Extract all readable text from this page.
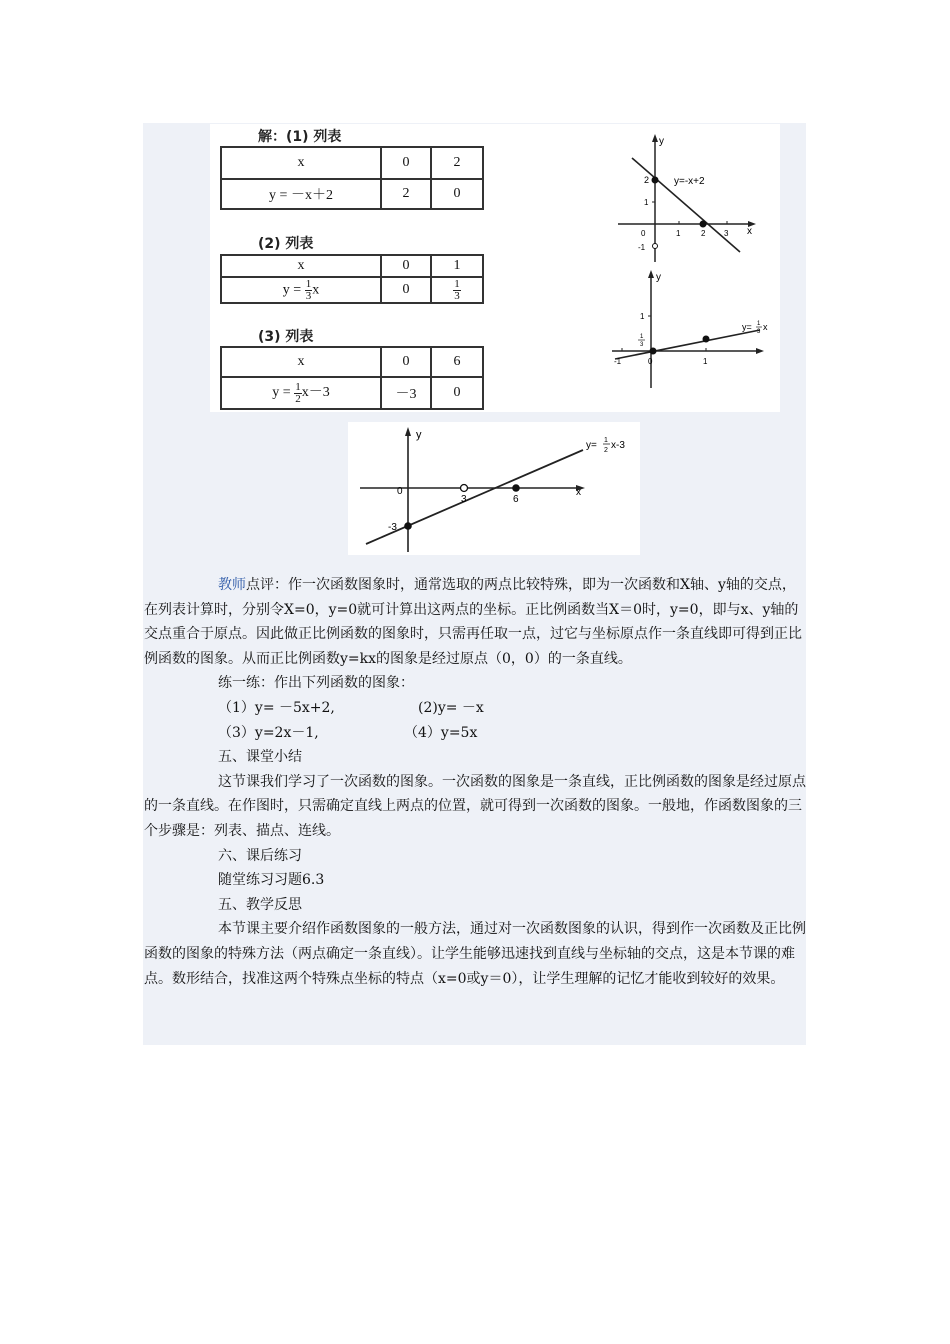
解：(1) 列表
x	0	2
y = －x＋2	2	0
(2) 列表
x	0	1
$y = \frac{1}{3}$ x	0	$\frac{1}{3}$
(3) 列表
x	0	6
$y = \frac{1}{2} x-3$	－3	0
y
x
y=-x+2
0	1	2 3
2
1
-1
y
y= 1
3 x
-1	0	1
1
1
3
y
x
y= 1
2 x-3
0
3	6
-3

教师点评：作一次函数图象时，通常选取的两点比较特殊，即为一次函数和X轴、y轴的交点，在列表计算时，分别令X=0，y=0就可计算出这两点的坐标。正比例函数当X＝0时，y=0，即与x、y轴的交点重合于原点。因此做正比例函数的图象时，只需再任取一点，过它与坐标原点作一条直线即可得到正比例函数的图象。从而正比例函数y=kx的图象是经过原点（0，0）的一条直线。

练一练：作出下列函数的图象：

（1）y= －5x+2,	(2)y= －x

（3）y=2x－1,	（4）y=5x

五、课堂小结

这节课我们学习了一次函数的图象。一次函数的图象是一条直线，正比例函数的图象是经过原点的一条直线。在作图时，只需确定直线上两点的位置，就可得到一次函数的图象。一般地，作函数图象的三个步骤是：列表、描点、连线。

六、课后练习

随堂练习习题6.3

五、教学反思

本节课主要介绍作函数图象的一般方法，通过对一次函数图象的认识，得到作一次函数及正比例函数的图象的特殊方法（两点确定一条直线）。让学生能够迅速找到直线与坐标轴的交点，这是本节课的难点。数形结合，找准这两个特殊点坐标的特点（x=0或y＝0），让学生理解的记忆才能收到较好的效果。
